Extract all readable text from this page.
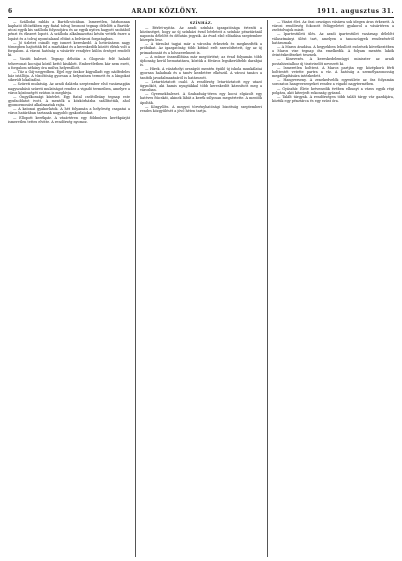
6	ARADI KÖZLÖNY.	1911. augusztus 31.

— Szállodai rablás a Bartók-utcában. Ismeretlen, bárhonnan kapható öltözékben egy fiatal tolvaj beosont tegnap délelőtt a Bartók-utcai egyik kis szálloda folyosójára és az egyik nyitva hagyott szobából pénzt és ékszert lopott. A szálloda alkalmazottai későn vették észre a lopást és a tolvaj nyomtalanul eltűnt a belvárosi forgatagban.

— Jó üzletet csinált egy ismert kereskedő. A hetivásáron nagy tömegben hajtották fel a marhákat és a kereskedők között élénk volt a forgalom. A városi hatóság a vásártér rendjére külön őrséget rendelt ki.

— Vasúti baleset. Tegnap délután a Glogovác felé haladó tehervonat kocsijai közül kettő kisiklott. Emberéletben kár nem esett, a forgalom néhány óra múlva helyreállott.

— Tűz a Gáj-negyedben. Éjjel egy órakor kigyulladt egy nádfedeles ház istállója. A tűzoltóság gyorsan a helyszínen termett és a lángokat sikerült lokalizálni.

— Szüreti mulatság. Az aradi dalárda szeptember első vasárnapján nagyszabású szüreti mulatságot rendez a vigadó termeiben, amelyre a város közönségét ezúton is meghívja.

— Öngyilkossági kísérlet. Egy fiatal cselédleány tegnap este gyufaoldatot ivott. A mentők a közkórházba szállították, ahol gyomormosást alkalmaztak rajta.

— A katonai gyakorlatok. A hét folyamán a helyőrség csapatai a város határában tartanak nagyobb gyakorlatokat.

— Ellopott kerékpár. A vásártéren egy földműves kerékpárját ismeretlen tettes elvitte. A rendőrség nyomoz.

SZÍNHÁZ.

— Bérlet-nyitás. Az aradi színház igazgatósága értesíti a közönséget, hogy az új színházi évad bérleteit a színház pénztáránál naponta délelőtt és délután jegyzik. Az évad első előadása szeptember közepén lesz.

— A társulat tagjai már a városba érkeztek és megkezdték a próbákat. Az igazgatóság több kitűnő erőt szerződtetett, így az új primadonnát és a hősszerelmest is.

— A műsor összeállítása már megtörtént; az évad folyamán több újdonság kerül bemutatásra, köztük a főváros legsikerültebb darabjai is.

— Hírek. A vásárhelyi országút mentén épülő új iskola munkálatai gyorsan haladnak és a tanév kezdetére elkészül. A városi tanács a tanítók javadalmazásáról is határozott.

— Letartóztatott csaló. A rendőrség letartóztatott egy utazó ügynököt, aki hamis nyugtákkal több kereskedőt károsított meg a városban.

— Gyermekbaleset. A Szabadság-téren egy kocsi elgázolt egy hatéves fiúcskát, akinek lábát a kerék súlyosan megsértette. A mentők ápolták.

— Közgyűlés. A megyei törvényhatósági bizottság szeptemberi rendes közgyűlését a jövő héten tartja.

— Vásári élet. Az őszi országos vásárra sok idegen árus érkezett. A városi rendőrség fokozott felügyeletet gyakorol a vásártéren a zsebtolvajok miatt.

— Ipartestületi ülés. Az aradi ipartestület vasárnap délelőtt választmányi ülést tart, amelyen a tanoncügyek rendezéséről határoznak.

— A Maros áradása. A hegyekben lehullott esőzések következtében a Maros vize tegnap óta emelkedik. A folyam mentén lakók óvintézkedéseket tesznek.

— Kinevezés. A kereskedelemügyi miniszter az aradi postahivatalhoz új tisztviselőt nevezett ki.

— Ismeretlen holttest. A Maros partján egy középkorú férfi holttestét vetette partra a víz. A hatóság a személyazonosság megállapítására intézkedett.

— Hangverseny. A zenekedvelők egyesülete az ősz folyamán sorozatos hangversenyeket rendez a vigadó nagytermében.

— Gyászhír. Élete hetvenedik évében elhunyt a város egyik régi polgára, akit kiterjedt rokonság gyászol.

— Talált tárgyak. A rendőrségen több talált tárgy vár gazdájára, köztük egy pénztárca és egy ezüst óra.
